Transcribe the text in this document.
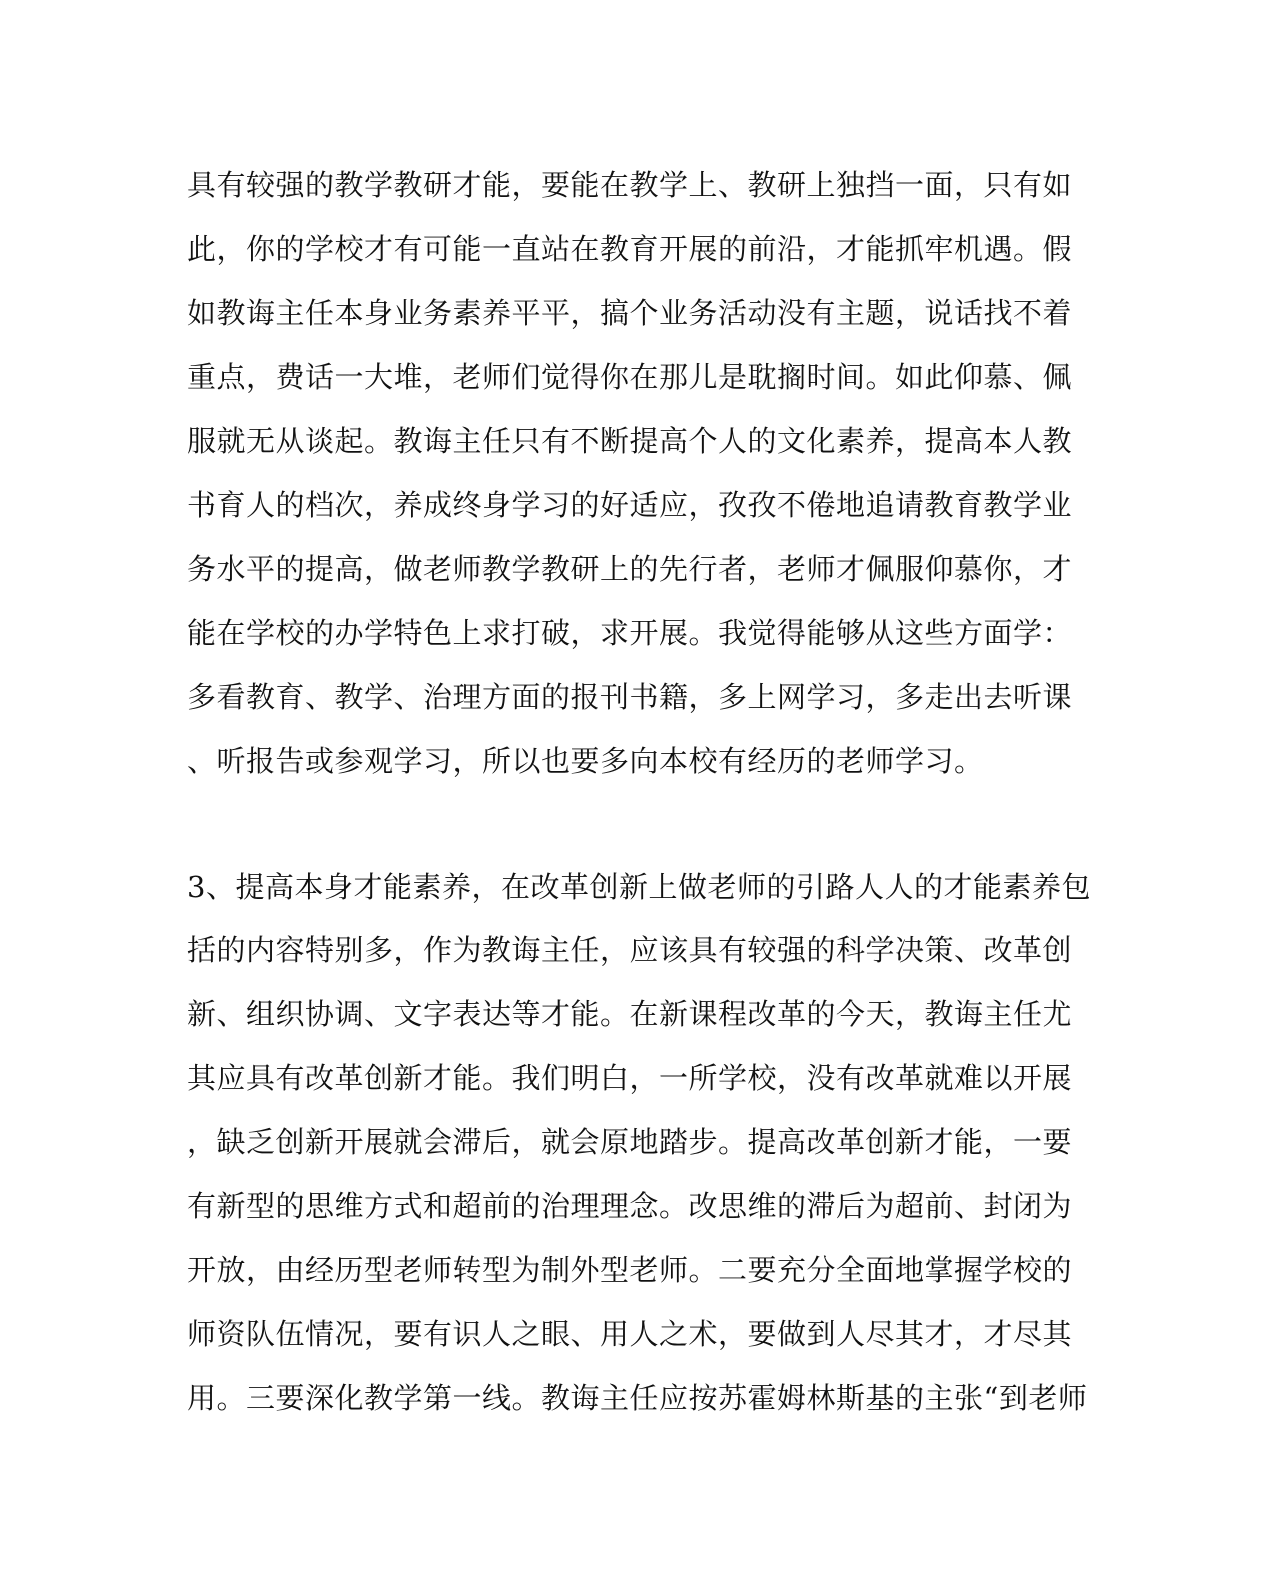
具有较强的教学教研才能，要能在教学上、教研上独挡一面，只有如
此，你的学校才有可能一直站在教育开展的前沿，才能抓牢机遇。假
如教诲主任本身业务素养平平，搞个业务活动没有主题，说话找不着
重点，费话一大堆，老师们觉得你在那儿是耽搁时间。如此仰慕、佩
服就无从谈起。教诲主任只有不断提高个人的文化素养，提高本人教
书育人的档次，养成终身学习的好适应，孜孜不倦地追请教育教学业
务水平的提高，做老师教学教研上的先行者，老师才佩服仰慕你，才
能在学校的办学特色上求打破，求开展。我觉得能够从这些方面学：
多看教育、教学、治理方面的报刊书籍，多上网学习，多走出去听课
、听报告或参观学习，所以也要多向本校有经历的老师学习。
3、提高本身才能素养，在改革创新上做老师的引路人人的才能素养包
括的内容特别多，作为教诲主任，应该具有较强的科学决策、改革创
新、组织协调、文字表达等才能。在新课程改革的今天，教诲主任尤
其应具有改革创新才能。我们明白，一所学校，没有改革就难以开展
，缺乏创新开展就会滞后，就会原地踏步。提高改革创新才能，一要
有新型的思维方式和超前的治理理念。改思维的滞后为超前、封闭为
开放，由经历型老师转型为制外型老师。二要充分全面地掌握学校的
师资队伍情况，要有识人之眼、用人之术，要做到人尽其才，才尽其
用。三要深化教学第一线。教诲主任应按苏霍姆林斯基的主张“到老师
